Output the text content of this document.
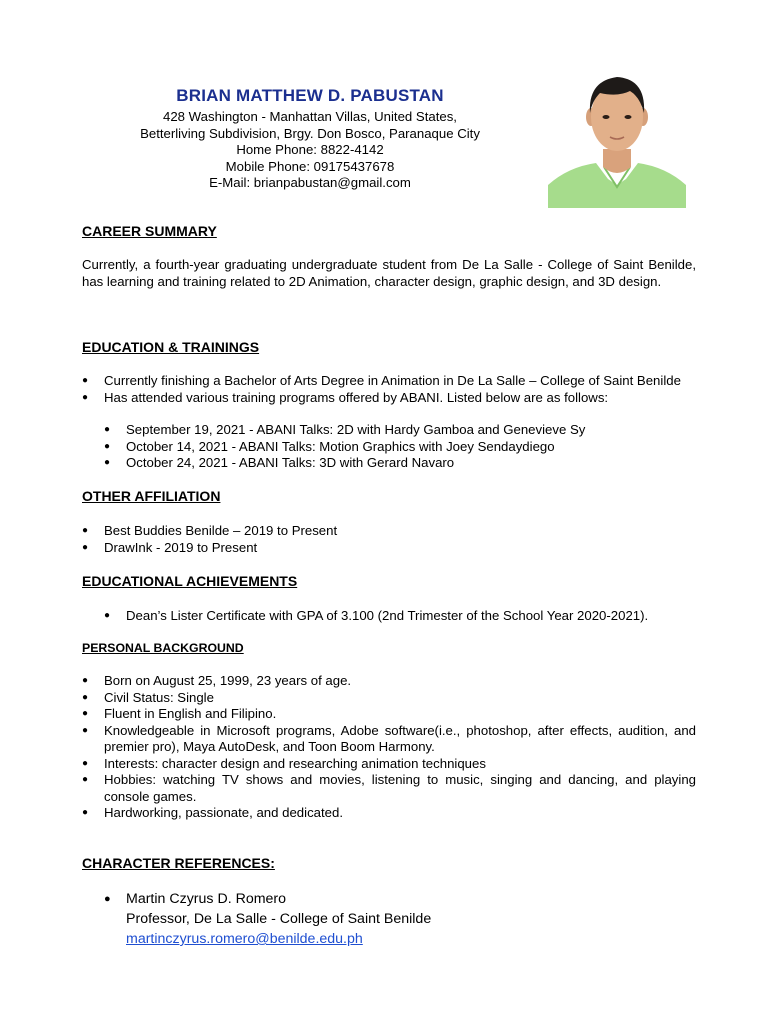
BRIAN MATTHEW D. PABUSTAN
428 Washington - Manhattan Villas, United States,
Betterliving Subdivision, Brgy. Don Bosco, Paranaque City
Home Phone: 8822-4142
Mobile Phone: 09175437678
E-Mail: brianpabustan@gmail.com
CAREER SUMMARY
Currently, a fourth-year graduating undergraduate student from De La Salle - College of Saint Benilde, has learning and training related to 2D Animation, character design, graphic design, and 3D design.
EDUCATION & TRAININGS
● Currently finishing a Bachelor of Arts Degree in Animation in De La Salle – College of Saint Benilde
● Has attended various training programs offered by ABANI. Listed below are as follows:
● September 19, 2021 - ABANI Talks: 2D with Hardy Gamboa and Genevieve Sy
● October 14, 2021 - ABANI Talks: Motion Graphics with Joey Sendaydiego
● October 24, 2021 - ABANI Talks: 3D with Gerard Navaro
OTHER AFFILIATION
● Best Buddies Benilde – 2019 to Present
● DrawInk - 2019 to Present
EDUCATIONAL ACHIEVEMENTS
● Dean’s Lister Certificate with GPA of 3.100 (2nd Trimester of the School Year 2020-2021).
PERSONAL BACKGROUND
● Born on August 25, 1999, 23 years of age.
● Civil Status: Single
● Fluent in English and Filipino.
● Knowledgeable in Microsoft programs, Adobe software(i.e., photoshop, after effects, audition, and premier pro), Maya AutoDesk, and Toon Boom Harmony.
● Interests: character design and researching animation techniques
● Hobbies: watching TV shows and movies, listening to music, singing and dancing, and playing console games.
● Hardworking, passionate, and dedicated.
CHARACTER REFERENCES:
● Martin Czyrus D. Romero
Professor, De La Salle - College of Saint Benilde
martinczyrus.romero@benilde.edu.ph
